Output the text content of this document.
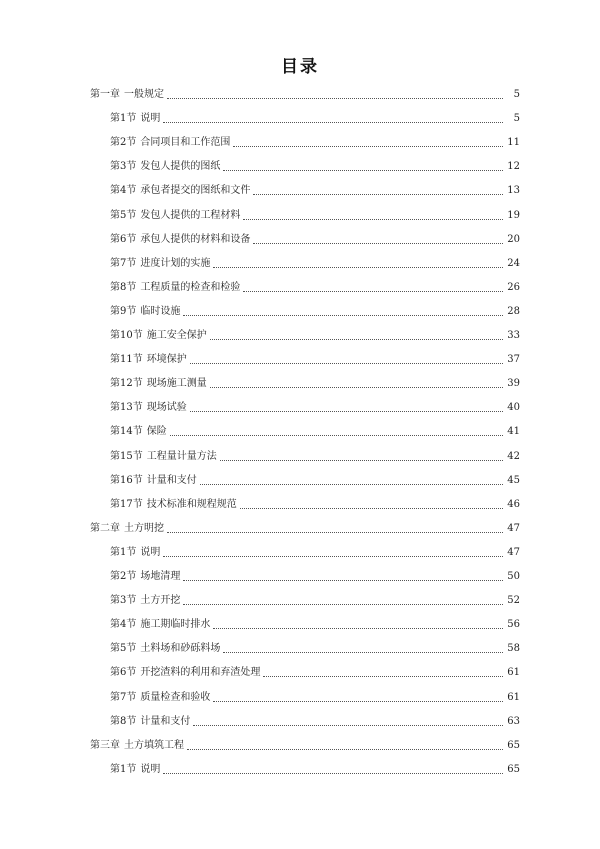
目录
第一章 一般规定	5
第1节 说明	5
第2节 合同项目和工作范围	11
第3节 发包人提供的图纸	12
第4节 承包者提交的图纸和文件	13
第5节 发包人提供的工程材料	19
第6节 承包人提供的材料和设备	20
第7节 进度计划的实施	24
第8节 工程质量的检查和检验	26
第9节 临时设施	28
第10节 施工安全保护	33
第11节 环境保护	37
第12节 现场施工测量	39
第13节 现场试验	40
第14节 保险	41
第15节 工程量计量方法	42
第16节 计量和支付	45
第17节 技术标准和规程规范	46
第二章 土方明挖	47
第1节 说明	47
第2节 场地清理	50
第3节 土方开挖	52
第4节 施工期临时排水	56
第5节 土料场和砂砾料场	58
第6节 开挖渣料的利用和弃渣处理	61
第7节 质量检查和验收	61
第8节 计量和支付	63
第三章 土方填筑工程	65
第1节 说明	65
